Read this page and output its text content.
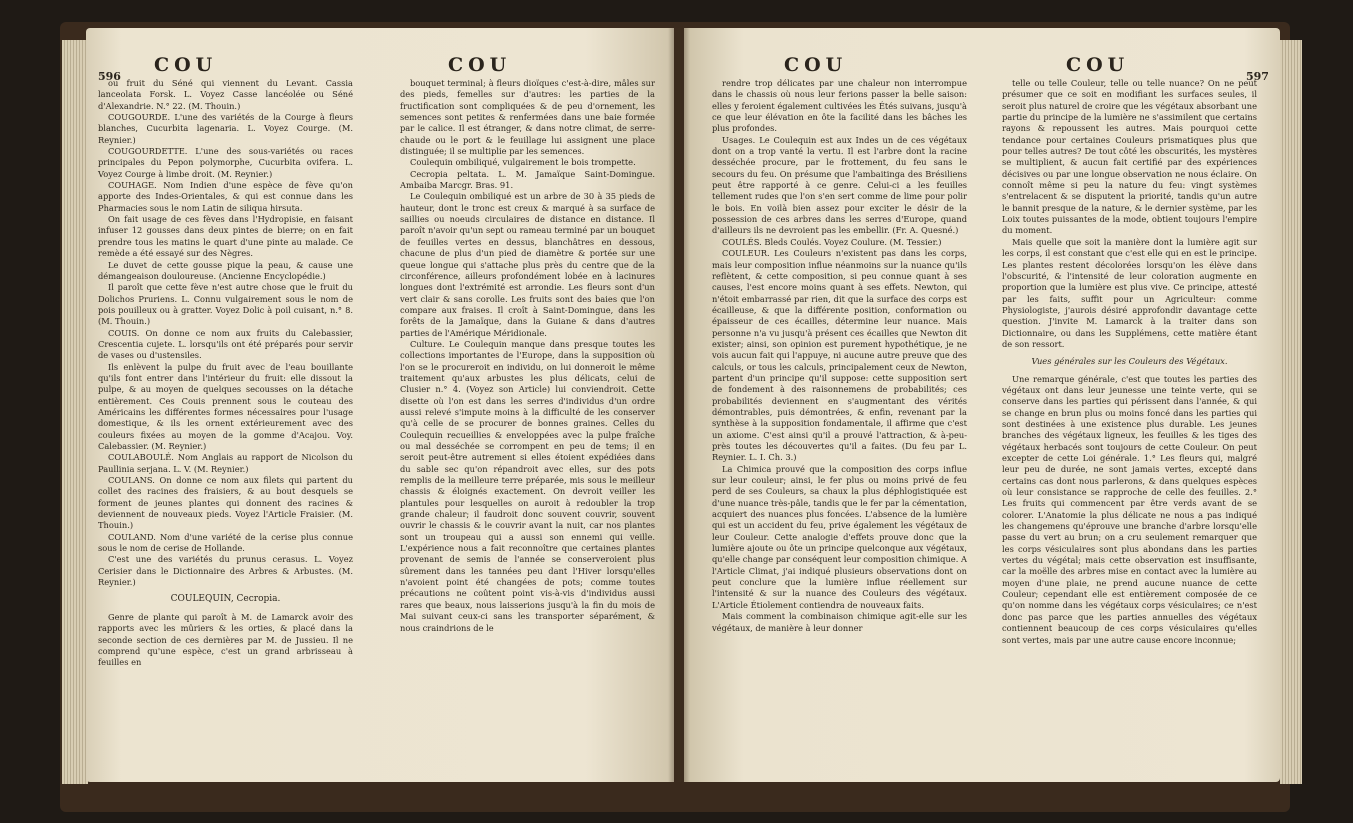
596
COU	COU

ou fruit du Séné qui viennent du Levant. Cassia lanceolata Forsk. L. Voyez Casse lancéolée ou Séné d'Alexandrie. N.° 22. (M. Thouin.)

COUGOURDE. L'une des variétés de la Courge à fleurs blanches, Cucurbita lagenaria. L. Voyez Courge. (M. Reynier.)

COUGOURDETTE. L'une des sous-variétés ou races principales du Pepon polymorphe, Cucurbita ovifera. L. Voyez Courge à limbe droit. (M. Reynier.)

COUHAGE. Nom Indien d'une espèce de fève qu'on apporte des Indes-Orientales, & qui est connue dans les Pharmacies sous le nom Latin de siliqua hirsuta.

On fait usage de ces fèves dans l'Hydropisie, en faisant infuser 12 gousses dans deux pintes de bierre; on en fait prendre tous les matins le quart d'une pinte au malade. Ce remède a été essayé sur des Nègres.

Le duvet de cette gousse pique la peau, & cause une démangeaison douloureuse. (Ancienne Encyclopédie.)

Il paroît que cette fève n'est autre chose que le fruit du Dolichos Pruriens. L. Connu vulgairement sous le nom de pois pouilleux ou à gratter. Voyez Dolic à poil cuisant, n.° 8. (M. Thouin.)

COUIS. On donne ce nom aux fruits du Calebassier, Crescentia cujete. L. lorsqu'ils ont été préparés pour servir de vases ou d'ustensiles.

Ils enlèvent la pulpe du fruit avec de l'eau bouillante qu'ils font entrer dans l'intérieur du fruit: elle dissout la pulpe, & au moyen de quelques secousses on la détache entièrement. Ces Couis prennent sous le couteau des Américains les différentes formes nécessaires pour l'usage domestique, & ils les ornent extérieurement avec des couleurs fixées au moyen de la gomme d'Acajou. Voy. Calebassier. (M. Reynier.)

COULABOULÉ. Nom Anglais au rapport de Nicolson du Paullinia serjana. L. V. (M. Reynier.)

COULANS. On donne ce nom aux filets qui partent du collet des racines des fraisiers, & au bout desquels se forment de jeunes plantes qui donnent des racines & deviennent de nouveaux pieds. Voyez l'Article Fraisier. (M. Thouin.)

COULAND. Nom d'une variété de la cerise plus connue sous le nom de cerise de Hollande.

C'est une des variétés du prunus cerasus. L. Voyez Cerisier dans le Dictionnaire des Arbres & Arbustes. (M. Reynier.)

COULEQUIN, Cecropia.

Genre de plante qui paroît à M. de Lamarck avoir des rapports avec les mûriers & les orties, & placé dans la seconde section de ces dernières par M. de Jussieu. Il ne comprend qu'une espèce, c'est un grand arbrisseau à feuilles en

bouquet terminal; à fleurs dioïques c'est-à-dire, mâles sur des pieds, femelles sur d'autres: les parties de la fructification sont compliquées & de peu d'ornement, les semences sont petites & renfermées dans une baie formée par le calice. Il est étranger, & dans notre climat, de serre-chaude ou le port & le feuillage lui assignent une place distinguée; il se multiplie par les semences.

Coulequin ombiliqué, vulgairement le bois trompette.

Cecropia peltata. L. M. Jamaïque Saint-Domingue. Ambaiba Marcgr. Bras. 91.

Le Coulequin ombiliqué est un arbre de 30 à 35 pieds de hauteur, dont le tronc est creux & marqué à sa surface de saillies ou noeuds circulaires de distance en distance. Il paroît n'avoir qu'un sept ou rameau terminé par un bouquet de feuilles vertes en dessus, blanchâtres en dessous, chacune de plus d'un pied de diamètre & portée sur une queue longue qui s'attache plus près du centre que de la circonférence, ailleurs profondément lobée en à lacinures longues dont l'extrémité est arrondie. Les fleurs sont d'un vert clair & sans corolle. Les fruits sont des baies que l'on compare aux fraises. Il croît à Saint-Domingue, dans les forêts de la Jamaïque, dans la Guiane & dans d'autres parties de l'Amérique Méridionale.

Culture. Le Coulequin manque dans presque toutes les collections importantes de l'Europe, dans la supposition où l'on se le procureroit en individu, on lui donneroit le même traitement qu'aux arbustes les plus délicats, celui de Clusier n.° 4. (Voyez son Article) lui conviendroit. Cette disette où l'on est dans les serres d'individus d'un ordre aussi relevé s'impute moins à la difficulté de les conserver qu'à celle de se procurer de bonnes graines. Celles du Coulequin recueillies & enveloppées avec la pulpe fraîche ou mal desséchée se corrompent en peu de tems; il en seroit peut-être autrement si elles étoient expédiées dans du sable sec qu'on répandroit avec elles, sur des pots remplis de la meilleure terre préparée, mis sous le meilleur chassis & éloignés exactement. On devroit veiller les plantules pour lesquelles on auroit à redoubler la trop grande chaleur; il faudroit donc souvent couvrir, souvent ouvrir le chassis & le couvrir avant la nuit, car nos plantes sont un troupeau qui a aussi son ennemi qui veille. L'expérience nous a fait reconnoître que certaines plantes provenant de semis de l'année se conserveroient plus sûrement dans les tannées peu dant l'Hiver lorsqu'elles n'avoient point été changées de pots; comme toutes précautions ne coûtent point vis-à-vis d'individus aussi rares que beaux, nous laisserions jusqu'à la fin du mois de Mai suivant ceux-ci sans les transporter séparément, & nous craindrions de le

COU	COU
597

rendre trop délicates par une chaleur non interrompue dans le chassis où nous leur ferions passer la belle saison: elles y feroient également cultivées les Étés suivans, jusqu'à ce que leur élévation en ôte la facilité dans les bâches les plus profondes.

Usages. Le Coulequin est aux Indes un de ces végétaux dont on a trop vanté la vertu. Il est l'arbre dont la racine desséchée procure, par le frottement, du feu sans le secours du feu. On présume que l'ambaitinga des Brésiliens peut être rapporté à ce genre. Celui-ci a les feuilles tellement rudes que l'on s'en sert comme de lime pour polir le bois. En voilà bien assez pour exciter le désir de la possession de ces arbres dans les serres d'Europe, quand d'ailleurs ils ne devroient pas les embellir. (Fr. A. Quesné.)

COULÉS. Bleds Coulés. Voyez Coulure. (M. Tessier.)

COULEUR. Les Couleurs n'existent pas dans les corps, mais leur composition influe néanmoins sur la nuance qu'ils reflètent, & cette composition, si peu connue quant à ses causes, l'est encore moins quant à ses effets. Newton, qui n'étoit embarrassé par rien, dit que la surface des corps est écailleuse, & que la différente position, conformation ou épaisseur de ces écailles, détermine leur nuance. Mais personne n'a vu jusqu'à présent ces écailles que Newton dit exister; ainsi, son opinion est purement hypothétique, je ne vois aucun fait qui l'appuye, ni aucune autre preuve que des calculs, or tous les calculs, principalement ceux de Newton, partent d'un principe qu'il suppose: cette supposition sert de fondement à des raisonnemens de probabilités; ces probabilités deviennent en s'augmentant des vérités démontrables, puis démontrées, & enfin, revenant par la synthèse à la supposition fondamentale, il affirme que c'est un axiome. C'est ainsi qu'il a prouvé l'attraction, & à-peu-près toutes les découvertes qu'il a faites. (Du feu par L. Reynier. L. I. Ch. 3.)

La Chimica prouvé que la composition des corps influe sur leur couleur; ainsi, le fer plus ou moins privé de feu perd de ses Couleurs, sa chaux la plus déphlogistiquée est d'une nuance très-pâle, tandis que le fer par la cémentation, acquiert des nuances plus foncées. L'absence de la lumière qui est un accident du feu, prive également les végétaux de leur Couleur. Cette analogie d'effets prouve donc que la lumière ajoute ou ôte un principe quelconque aux végétaux, qu'elle change par conséquent leur composition chimique. A l'Article Climat, j'ai indiqué plusieurs observations dont on peut conclure que la lumière influe réellement sur l'intensité & sur la nuance des Couleurs des végétaux. L'Article Étiolement contiendra de nouveaux faits.

Mais comment la combinaison chimique agit-elle sur les végétaux, de manière à leur donner

telle ou telle Couleur, telle ou telle nuance? On ne peut présumer que ce soit en modifiant les surfaces seules, il seroit plus naturel de croire que les végétaux absorbant une partie du principe de la lumière ne s'assimilent que certains rayons & repoussent les autres. Mais pourquoi cette tendance pour certaines Couleurs prismatiques plus que pour telles autres? De tout côté les obscurités, les mystères se multiplient, & aucun fait certifié par des expériences décisives ou par une longue observation ne nous éclaire. On connoît même si peu la nature du feu: vingt systèmes s'entrelacent & se disputent la priorité, tandis qu'un autre le bannit presque de la nature, & le dernier système, par les Loix toutes puissantes de la mode, obtient toujours l'empire du moment.

Mais quelle que soit la manière dont la lumière agit sur les corps, il est constant que c'est elle qui en est le principe. Les plantes restent décolorées lorsqu'on les élève dans l'obscurité, & l'intensité de leur coloration augmente en proportion que la lumière est plus vive. Ce principe, attesté par les faits, suffit pour un Agriculteur: comme Physiologiste, j'aurois désiré approfondir davantage cette question. J'invite M. Lamarck à la traiter dans son Dictionnaire, ou dans les Supplémens, cette matière étant de son ressort.

Vues générales sur les Couleurs des Végétaux.

Une remarque générale, c'est que toutes les parties des végétaux ont dans leur jeunesse une teinte verte, qui se conserve dans les parties qui périssent dans l'année, & qui se change en brun plus ou moins foncé dans les parties qui sont destinées à une existence plus durable. Les jeunes branches des végétaux ligneux, les feuilles & les tiges des végétaux herbacés sont toujours de cette Couleur. On peut excepter de cette Loi générale. 1.° Les fleurs qui, malgré leur peu de durée, ne sont jamais vertes, excepté dans certains cas dont nous parlerons, & dans quelques espèces où leur consistance se rapproche de celle des feuilles. 2.° Les fruits qui commencent par être verds avant de se colorer. L'Anatomie la plus délicate ne nous a pas indiqué les changemens qu'éprouve une branche d'arbre lorsqu'elle passe du vert au brun; on a cru seulement remarquer que les corps vésiculaires sont plus abondans dans les parties vertes du végétal; mais cette observation est insuffisante, car la moëlle des arbres mise en contact avec la lumière au moyen d'une plaie, ne prend aucune nuance de cette Couleur; cependant elle est entièrement composée de ce qu'on nomme dans les végétaux corps vésiculaires; ce n'est donc pas parce que les parties annuelles des végétaux contiennent beaucoup de ces corps vésiculaires qu'elles sont vertes, mais par une autre cause encore inconnue;
